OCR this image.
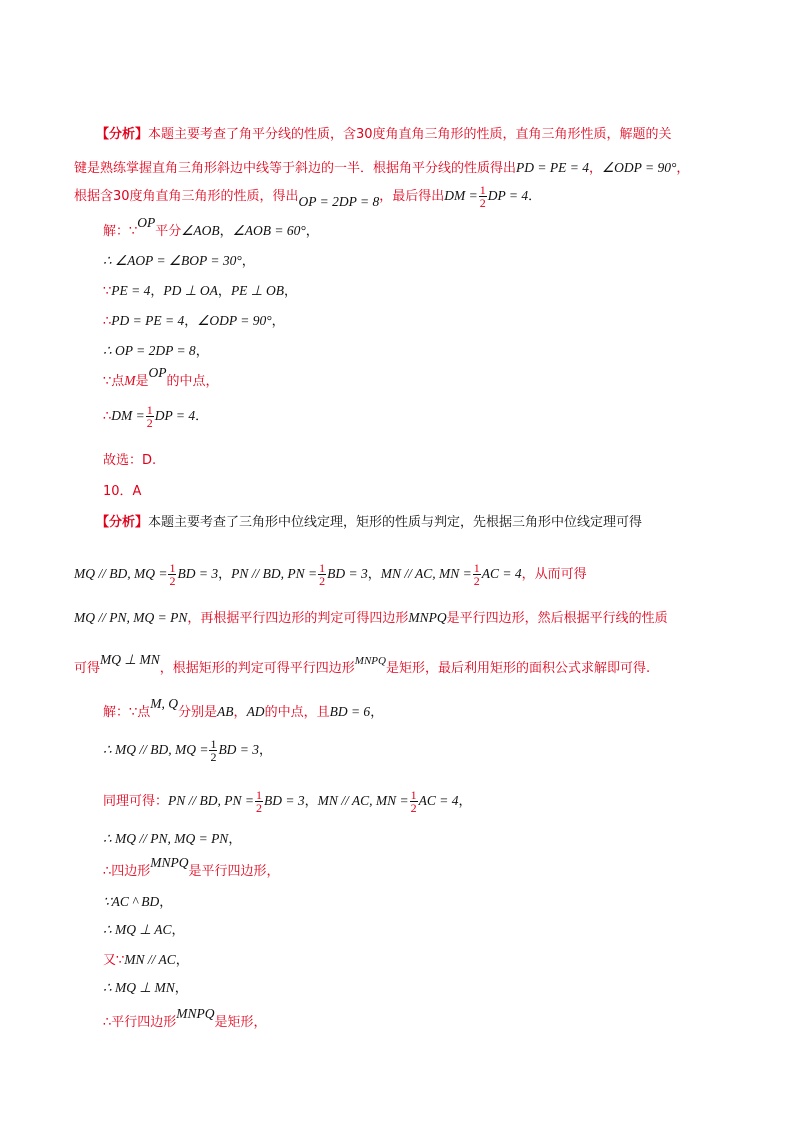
【分析】本题主要考查了角平分线的性质，含30度角直角三角形的性质，直角三角形性质，解题的关
键是熟练掌握直角三角形斜边中线等于斜边的一半．根据角平分线的性质得出PD = PE = 4，∠ODP = 90°，
根据含30度角直角三角形的性质，得出OP = 2DP = 8，最后得出DM = $\frac{1}{2}$ DP = 4．
解：∵OP平分∠AOB，∠AOB = 60°，
∴ ∠AOP = ∠BOP = 30°，
∵PE = 4，PD ⊥ OA，PE ⊥ OB，
∴PD = PE = 4，∠ODP = 90°，
∴ OP = 2DP = 8，
∵点M是OP的中点，
∴DM = $\frac{1}{2}$ DP = 4．
故选：D.
10．A
【分析】本题主要考查了三角形中位线定理，矩形的性质与判定，先根据三角形中位线定理可得
MQ // BD, MQ = $\frac{1}{2}$ BD = 3，PN // BD, PN = $\frac{1}{2}$ BD = 3，MN // AC, MN = $\frac{1}{2}$ AC = 4，从而可得
MQ // PN, MQ = PN，再根据平行四边形的判定可得四边形MNPQ是平行四边形，然后根据平行线的性质
可得MQ ⊥ MN，根据矩形的判定可得平行四边形$^{MNPQ}$是矩形，最后利用矩形的面积公式求解即可得.
解：∵点M, Q分别是AB，AD的中点，且BD = 6，
∴ MQ // BD, MQ = $\frac{1}{2}$ BD = 3，
同理可得：PN // BD, PN = $\frac{1}{2}$ BD = 3，MN // AC, MN = $\frac{1}{2}$ AC = 4，
∴ MQ // PN, MQ = PN，
∴四边形MNPQ是平行四边形，
∵AC ^ BD，
∴ MQ ⊥ AC，
又∵MN // AC，
∴ MQ ⊥ MN，
∴平行四边形MNPQ是矩形，
